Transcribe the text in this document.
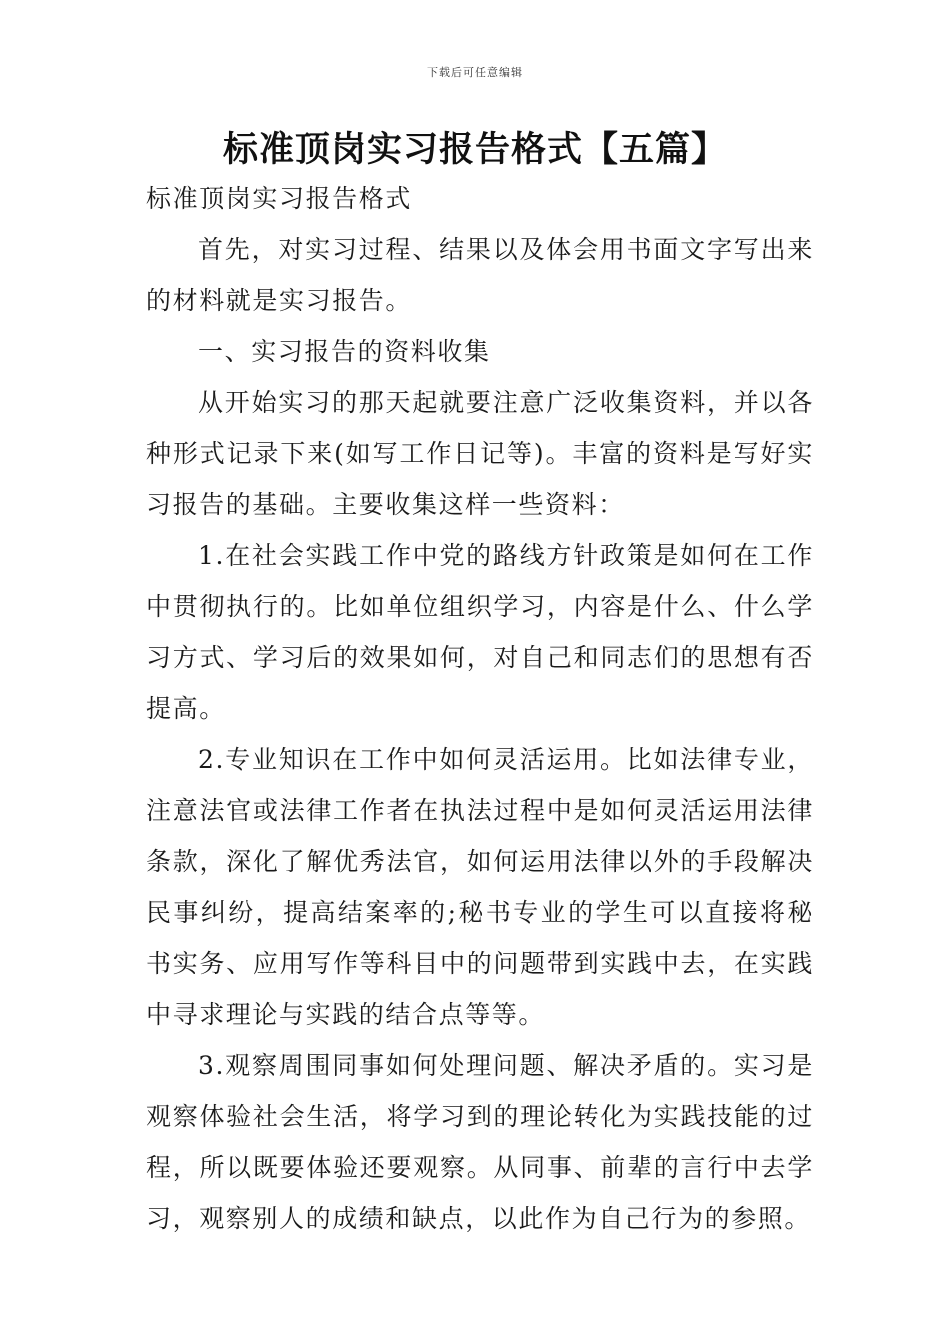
下载后可任意编辑
标准顶岗实习报告格式【五篇】

标准顶岗实习报告格式

首先，对实习过程、结果以及体会用书面文字写出来的材料就是实习报告。

一、实习报告的资料收集

从开始实习的那天起就要注意广泛收集资料，并以各种形式记录下来(如写工作日记等)。丰富的资料是写好实习报告的基础。主要收集这样一些资料：

1.在社会实践工作中党的路线方针政策是如何在工作中贯彻执行的。比如单位组织学习，内容是什么、什么学习方式、学习后的效果如何，对自己和同志们的思想有否提高。

2.专业知识在工作中如何灵活运用。比如法律专业，注意法官或法律工作者在执法过程中是如何灵活运用法律条款，深化了解优秀法官，如何运用法律以外的手段解决民事纠纷，提高结案率的;秘书专业的学生可以直接将秘书实务、应用写作等科目中的问题带到实践中去，在实践中寻求理论与实践的结合点等等。

3.观察周围同事如何处理问题、解决矛盾的。实习是观察体验社会生活，将学习到的理论转化为实践技能的过程，所以既要体验还要观察。从同事、前辈的言行中去学习，观察别人的成绩和缺点，以此作为自己行为的参照。
